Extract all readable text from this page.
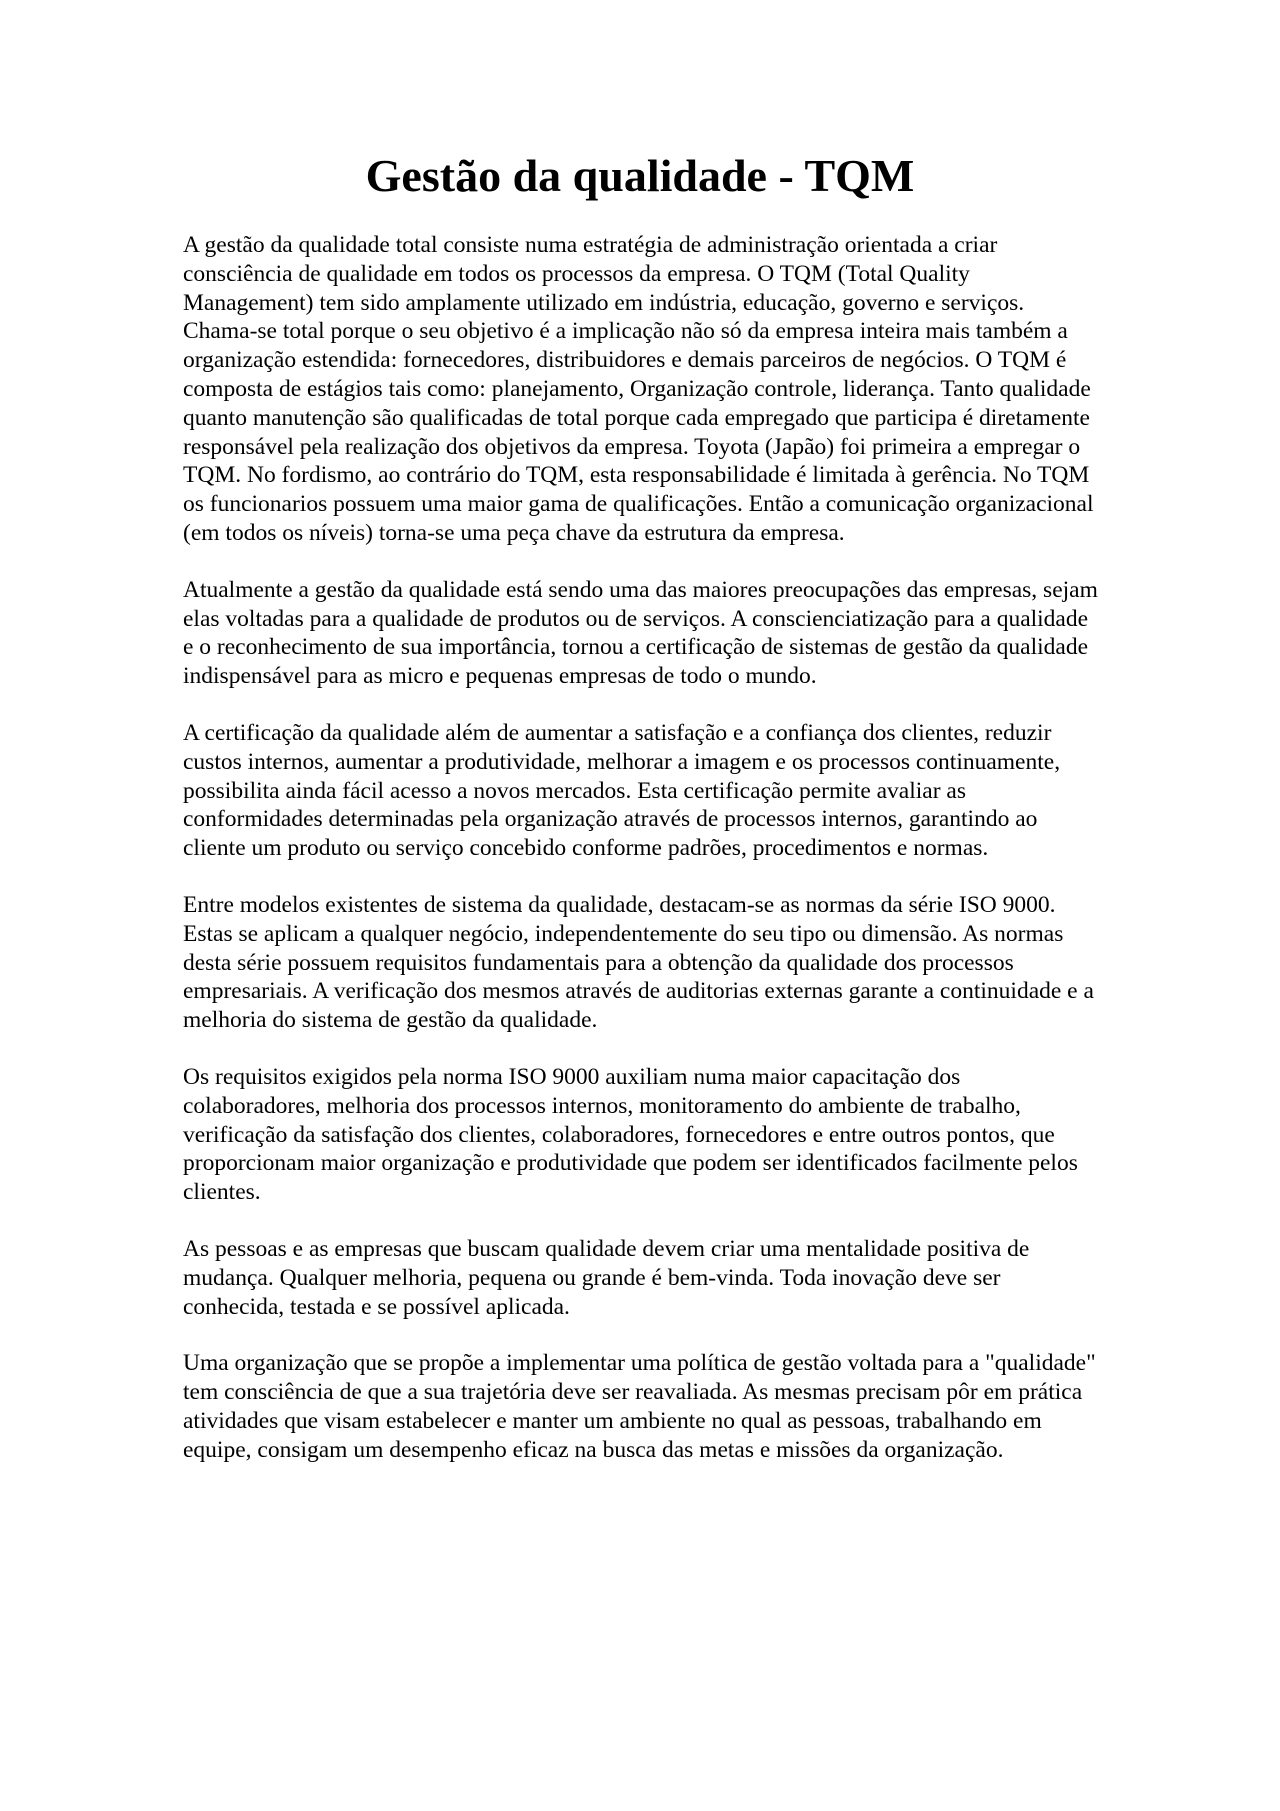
Gestão da qualidade - TQM

A gestão da qualidade total consiste numa estratégia de administração orientada a criar consciência de qualidade em todos os processos da empresa. O TQM (Total Quality Management) tem sido amplamente utilizado em indústria, educação, governo e serviços. Chama-se total porque o seu objetivo é a implicação não só da empresa inteira mais também a organização estendida: fornecedores, distribuidores e demais parceiros de negócios. O TQM é composta de estágios tais como: planejamento, Organização controle, liderança. Tanto qualidade quanto manutenção são qualificadas de total porque cada empregado que participa é diretamente responsável pela realização dos objetivos da empresa. Toyota (Japão) foi primeira a empregar o TQM. No fordismo, ao contrário do TQM, esta responsabilidade é limitada à gerência. No TQM os funcionarios possuem uma maior gama de qualificações. Então a comunicação organizacional (em todos os níveis) torna-se uma peça chave da estrutura da empresa.

Atualmente a gestão da qualidade está sendo uma das maiores preocupações das empresas, sejam elas voltadas para a qualidade de produtos ou de serviços. A conscienciatização para a qualidade e o reconhecimento de sua importância, tornou a certificação de sistemas de gestão da qualidade indispensável para as micro e pequenas empresas de todo o mundo.

A certificação da qualidade além de aumentar a satisfação e a confiança dos clientes, reduzir custos internos, aumentar a produtividade, melhorar a imagem e os processos continuamente, possibilita ainda fácil acesso a novos mercados. Esta certificação permite avaliar as conformidades determinadas pela organização através de processos internos, garantindo ao cliente um produto ou serviço concebido conforme padrões, procedimentos e normas.

Entre modelos existentes de sistema da qualidade, destacam-se as normas da série ISO 9000. Estas se aplicam a qualquer negócio, independentemente do seu tipo ou dimensão. As normas desta série possuem requisitos fundamentais para a obtenção da qualidade dos processos empresariais. A verificação dos mesmos através de auditorias externas garante a continuidade e a melhoria do sistema de gestão da qualidade.

Os requisitos exigidos pela norma ISO 9000 auxiliam numa maior capacitação dos colaboradores, melhoria dos processos internos, monitoramento do ambiente de trabalho, verificação da satisfação dos clientes, colaboradores, fornecedores e entre outros pontos, que proporcionam maior organização e produtividade que podem ser identificados facilmente pelos clientes.

As pessoas e as empresas que buscam qualidade devem criar uma mentalidade positiva de mudança. Qualquer melhoria, pequena ou grande é bem-vinda. Toda inovação deve ser conhecida, testada e se possível aplicada.

Uma organização que se propõe a implementar uma política de gestão voltada para a "qualidade" tem consciência de que a sua trajetória deve ser reavaliada. As mesmas precisam pôr em prática atividades que visam estabelecer e manter um ambiente no qual as pessoas, trabalhando em equipe, consigam um desempenho eficaz na busca das metas e missões da organização.
